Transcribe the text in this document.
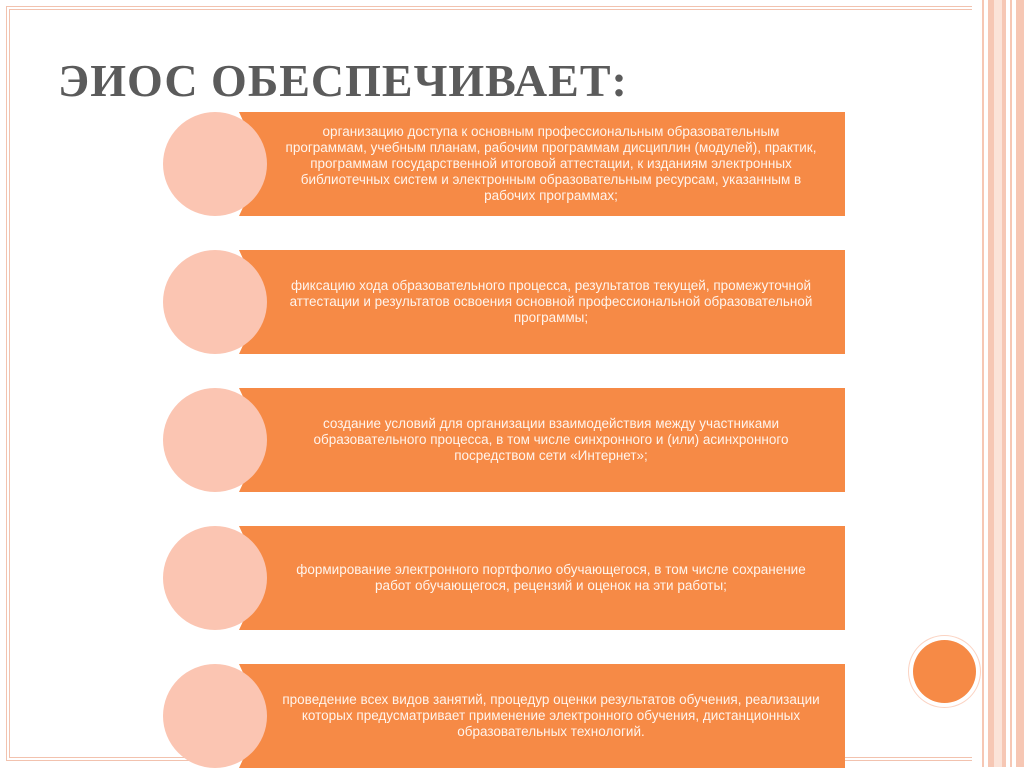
ЭИОС ОБЕСПЕЧИВАЕТ:
организацию доступа к основным профессиональным образовательным программам, учебным планам, рабочим программам дисциплин (модулей), практик, программам государственной итоговой аттестации, к изданиям электронных библиотечных систем и электронным образовательным ресурсам, указанным в рабочих программах;
фиксацию хода образовательного процесса, результатов текущей, промежуточной аттестации и результатов освоения основной профессиональной образовательной программы;
создание условий для организации взаимодействия между участниками образовательного процесса, в том числе синхронного и (или) асинхронного посредством сети «Интернет»;
формирование электронного портфолио обучающегося, в том числе сохранение работ обучающегося, рецензий и оценок на эти работы;
проведение всех видов занятий, процедур оценки результатов обучения, реализации которых предусматривает применение электронного обучения, дистанционных образовательных технологий.
